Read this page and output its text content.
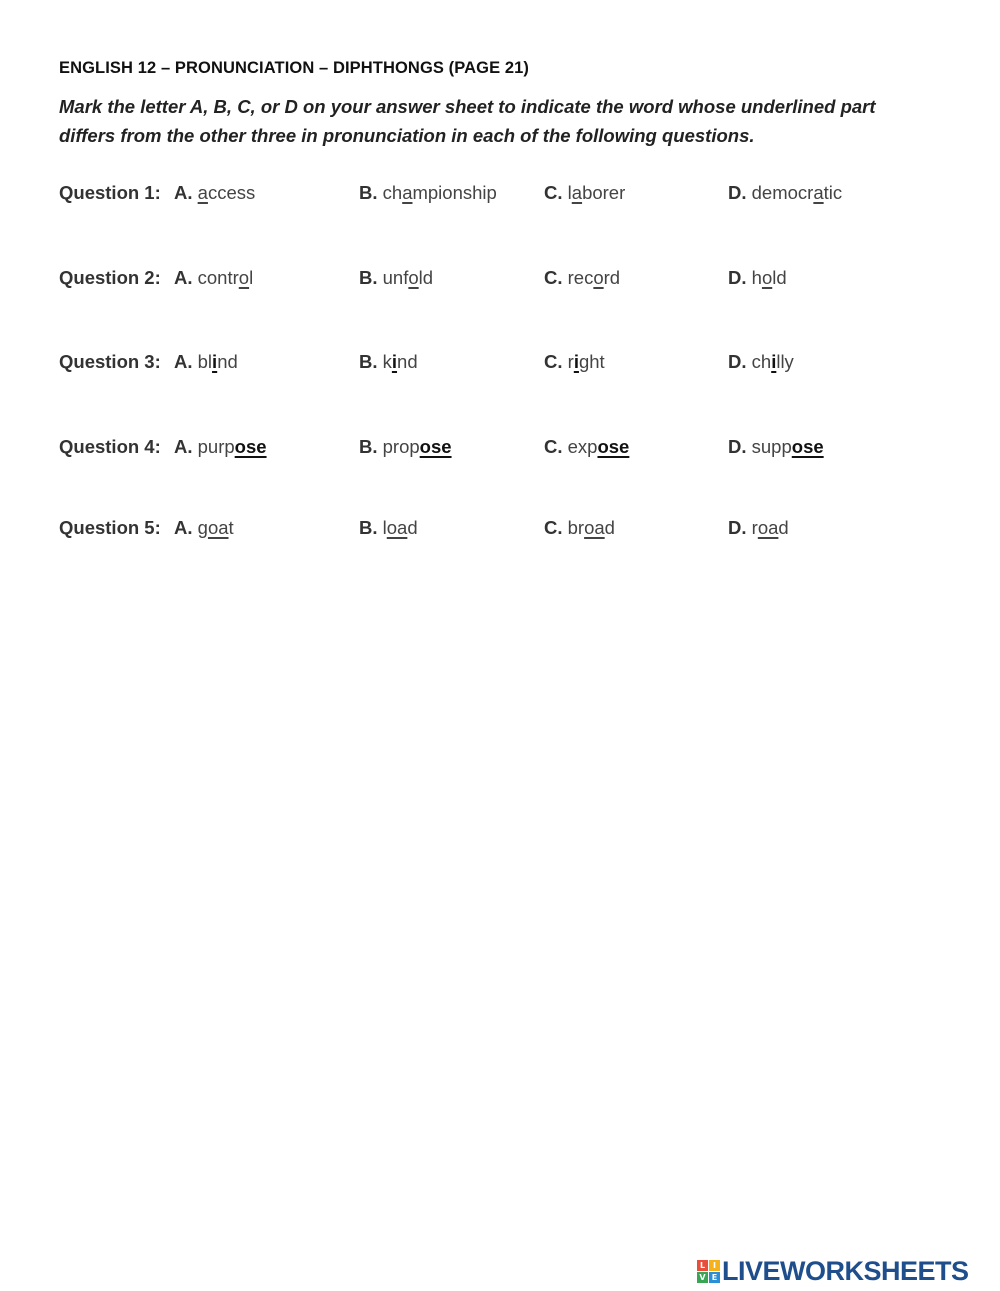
ENGLISH 12 – PRONUNCIATION – DIPHTHONGS (PAGE 21)
Mark the letter A, B, C, or D on your answer sheet to indicate the word whose underlined part
differs from the other three in pronunciation in each of the following questions.
Question 1: A. access	B. championship	C. laborer	D. democratic
Question 2: A. control	B. unfold	C. record	D. hold
Question 3: A. blind	B. kind	C. right	D. chilly
Question 4: A. purpose	B. propose	C. expose	D. suppose
Question 5: A. goat	B. load	C. broad	D. road
L I
V E LIVEWORKSHEETS
